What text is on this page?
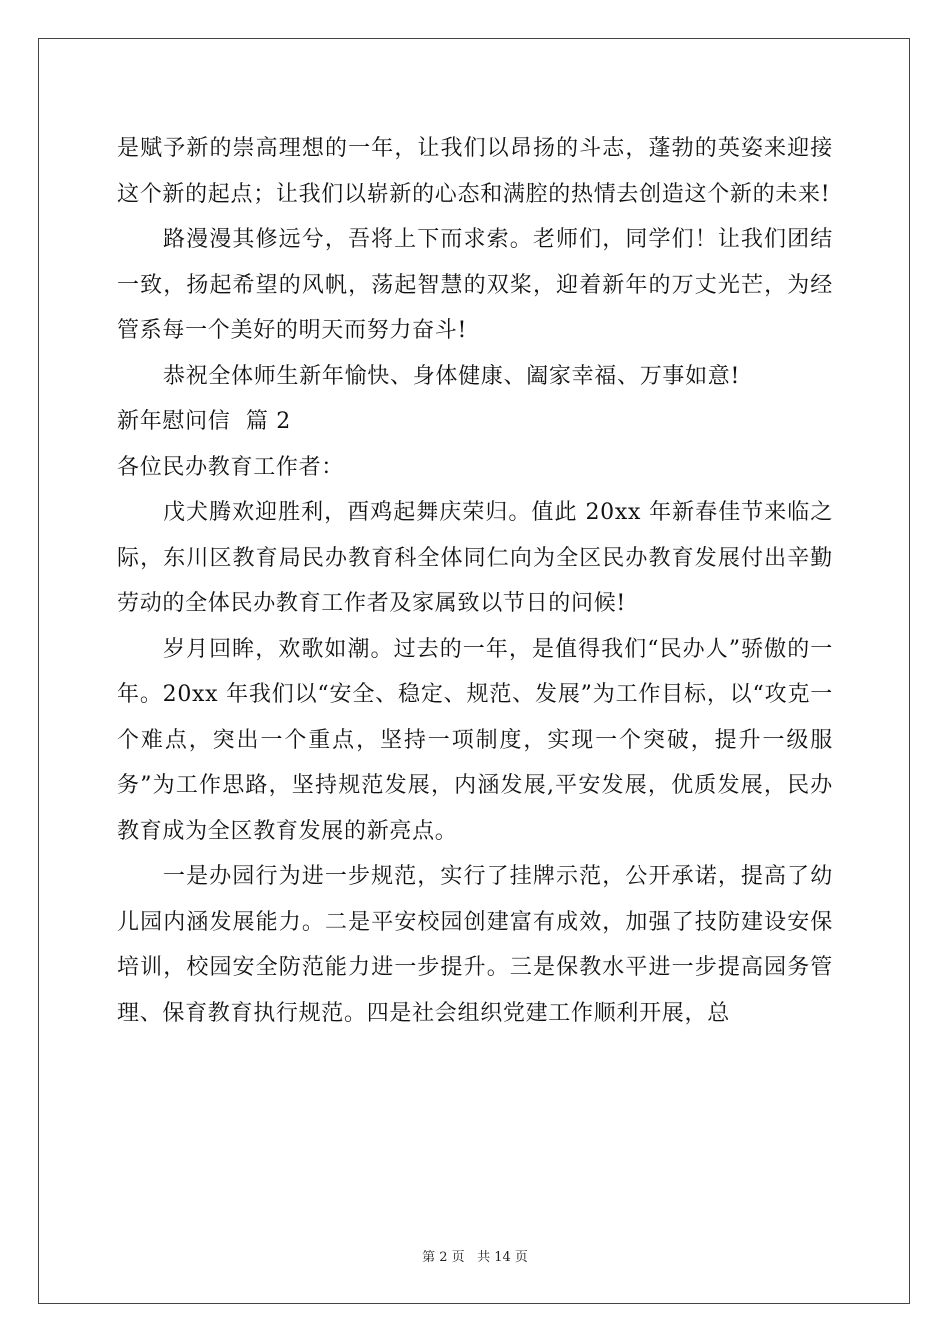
是赋予新的崇高理想的一年，让我们以昂扬的斗志，蓬勃的英姿来迎接这个新的起点；让我们以崭新的心态和满腔的热情去创造这个新的未来!

路漫漫其修远兮，吾将上下而求索。老师们，同学们！让我们团结一致，扬起希望的风帆，荡起智慧的双桨，迎着新年的万丈光芒，为经管系每一个美好的明天而努力奋斗!

恭祝全体师生新年愉快、身体健康、阖家幸福、万事如意!

新年慰问信  篇 2

各位民办教育工作者：

戊犬腾欢迎胜利，酉鸡起舞庆荣归。值此 20xx 年新春佳节来临之际，东川区教育局民办教育科全体同仁向为全区民办教育发展付出辛勤劳动的全体民办教育工作者及家属致以节日的问候!

岁月回眸，欢歌如潮。过去的一年，是值得我们“民办人”骄傲的一年。20xx 年我们以“安全、稳定、规范、发展”为工作目标，以“攻克一个难点，突出一个重点，坚持一项制度，实现一个突破，提升一级服务”为工作思路，坚持规范发展，内涵发展,平安发展，优质发展，民办教育成为全区教育发展的新亮点。

一是办园行为进一步规范，实行了挂牌示范，公开承诺，提高了幼儿园内涵发展能力。二是平安校园创建富有成效，加强了技防建设安保培训，校园安全防范能力进一步提升。三是保教水平进一步提高园务管理、保育教育执行规范。四是社会组织党建工作顺利开展，总

第 2 页 共 14 页
